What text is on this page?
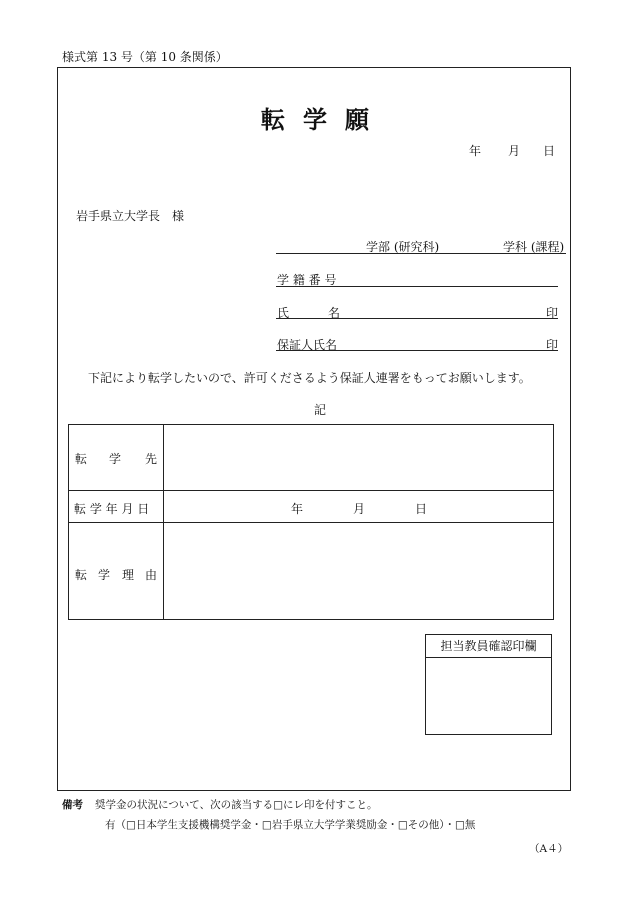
様式第 13 号（第 10 条関係）
転学願
年 月 日
岩手県立大学長　様
学部 (研究科)	学科 (課程)
学 籍 番 号
氏	名	印
保証人氏名	印
下記により転学したいので、許可くださるよう保証人連署をもってお願いします。
記
転 学 先
転 学 年 月 日	年	月	日
転 学 理 由
担当教員確認印欄
備考 奨学金の状況について、次の該当する□にレ印を付すこと。
有（□日本学生支援機構奨学金・□岩手県立大学学業奨励金・□その他）・□無
（A４）
